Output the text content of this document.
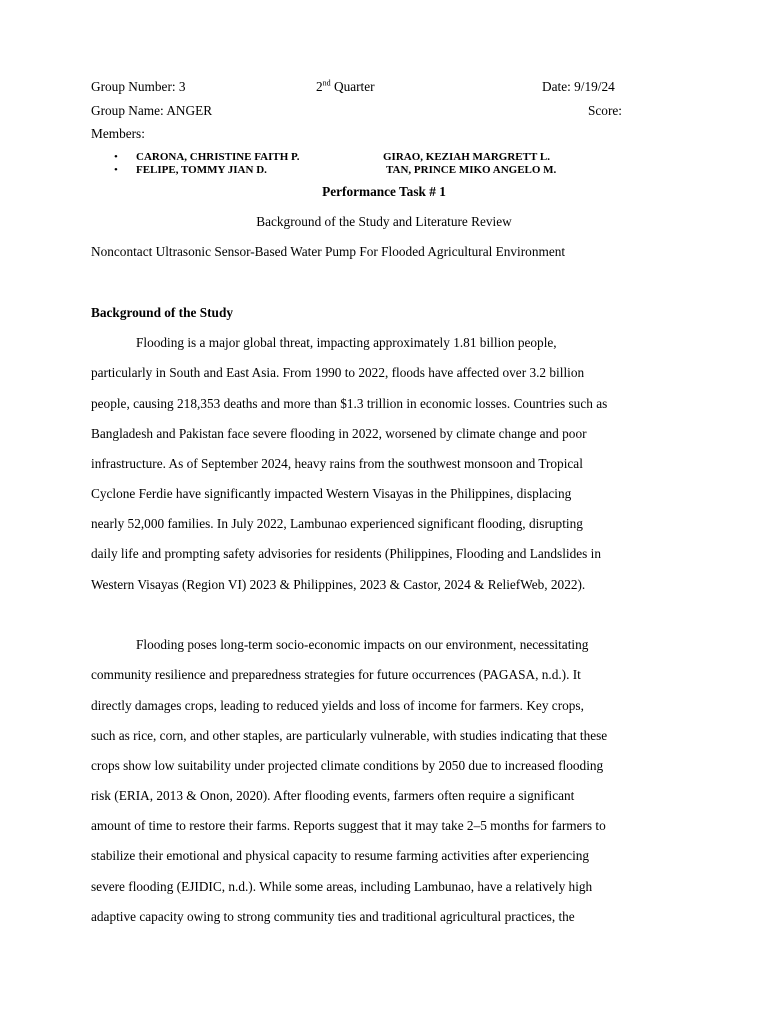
Group Number: 3	2nd Quarter	Date: 9/19/24
Group Name: ANGER	Score:
Members:
• CARONA, CHRISTINE FAITH P.	GIRAO, KEZIAH MARGRETT L.
• FELIPE, TOMMY JIAN D.	TAN, PRINCE MIKO ANGELO M.
Performance Task # 1
Background of the Study and Literature Review
Noncontact Ultrasonic Sensor-Based Water Pump For Flooded Agricultural Environment
Background of the Study
Flooding is a major global threat, impacting approximately 1.81 billion people,
particularly in South and East Asia. From 1990 to 2022, floods have affected over 3.2 billion
people, causing 218,353 deaths and more than $1.3 trillion in economic losses. Countries such as
Bangladesh and Pakistan face severe flooding in 2022, worsened by climate change and poor
infrastructure. As of September 2024, heavy rains from the southwest monsoon and Tropical
Cyclone Ferdie have significantly impacted Western Visayas in the Philippines, displacing
nearly 52,000 families. In July 2022, Lambunao experienced significant flooding, disrupting
daily life and prompting safety advisories for residents (Philippines, Flooding and Landslides in
Western Visayas (Region VI) 2023 & Philippines, 2023 & Castor, 2024 & ReliefWeb, 2022).
Flooding poses long-term socio-economic impacts on our environment, necessitating
community resilience and preparedness strategies for future occurrences (PAGASA, n.d.). It
directly damages crops, leading to reduced yields and loss of income for farmers. Key crops,
such as rice, corn, and other staples, are particularly vulnerable, with studies indicating that these
crops show low suitability under projected climate conditions by 2050 due to increased flooding
risk (ERIA, 2013 & Onon, 2020). After flooding events, farmers often require a significant
amount of time to restore their farms. Reports suggest that it may take 2–5 months for farmers to
stabilize their emotional and physical capacity to resume farming activities after experiencing
severe flooding (EJIDIC, n.d.). While some areas, including Lambunao, have a relatively high
adaptive capacity owing to strong community ties and traditional agricultural practices, the
